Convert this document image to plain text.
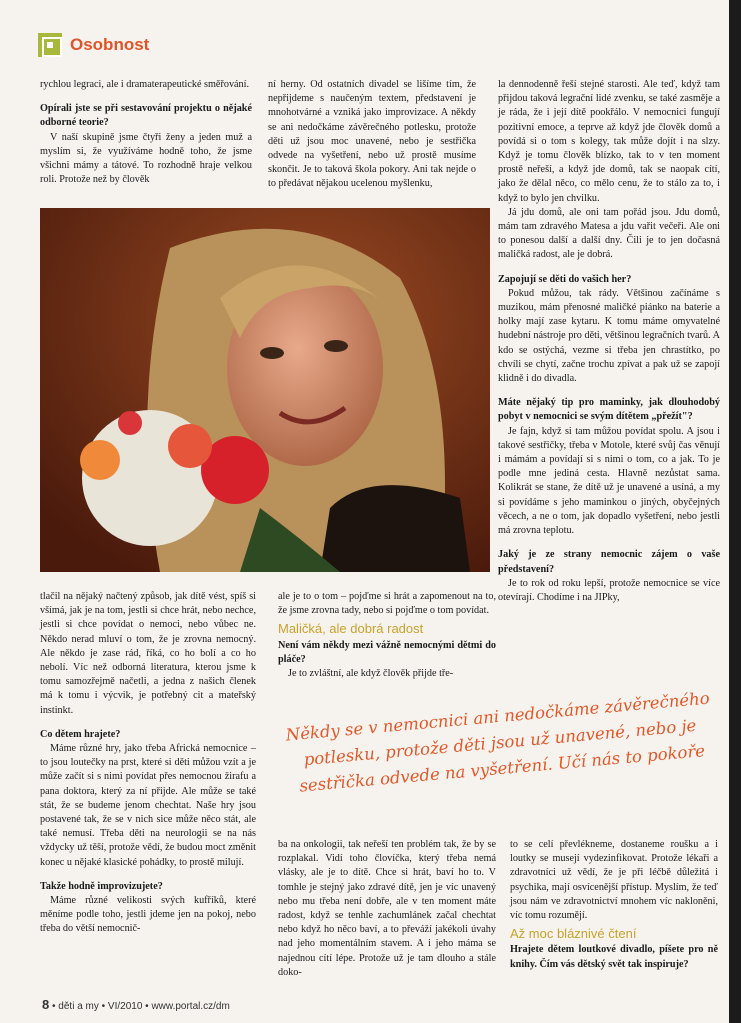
Osobnost

rychlou legraci, ale i dramaterapeutické směřování.

Opírali jste se při sestavování projektu o nějaké odborné teorie?

V naší skupině jsme čtyři ženy a jeden muž a myslím si, že využíváme hodně toho, že jsme všichni mámy a tátové. To rozhodně hraje velkou roli. Protože než by člověk

ní herny. Od ostatních divadel se lišíme tím, že nepřijdeme s naučeným textem, představení je mnohotvárné a vzniká jako improvizace. A někdy se ani nedočkáme závěrečného potlesku, protože děti už jsou moc unavené, nebo je sestřička odvede na vyšetření, nebo už prostě musíme skončit. Je to taková škola pokory. Ani tak nejde o to předávat nějakou ucelenou myšlenku,

la dennodenně řeší stejné starosti. Ale teď, když tam přijdou taková legrační lidé zvenku, se také zasměje a je ráda, že i její dítě pookřálo. V nemocnici fungují pozitivní emoce, a teprve až když jde člověk domů a povídá si o tom s kolegy, tak může dojít i na slzy. Když je tomu člověk blízko, tak to v ten moment prostě neřeší, a když jde domů, tak se naopak cítí, jako že dělal něco, co mělo cenu, že to stálo za to, i když to bylo jen chvilku.

Já jdu domů, ale oni tam pořád jsou. Jdu domů, mám tam zdravého Matesa a jdu vařit večeři. Ale oni to ponesou další a další dny. Čili je to jen dočasná maličká radost, ale je dobrá.

Zapojují se děti do vašich her?

Pokud můžou, tak rády. Většinou začínáme s muzikou, mám přenosné maličké piánko na baterie a holky mají zase kytaru. K tomu máme omyvatelné hudební nástroje pro děti, většinou legračních tvarů. A kdo se ostýchá, vezme si třeba jen chrastítko, po chvíli se chytí, začne trochu zpívat a pak už se zapojí klidně i do divadla.

Máte nějaký tip pro maminky, jak dlouhodobý pobyt v nemocnici se svým dítětem „přežít"?

Je fajn, když si tam můžou povídat spolu. A jsou i takové sestřičky, třeba v Motole, které svůj čas věnují i mámám a povídají si s nimi o tom, co a jak. To je podle mne jediná cesta. Hlavně nezůstat sama. Kolikrát se stane, že dítě už je unavené a usíná, a my si povídáme s jeho maminkou o jiných, obyčejných věcech, a ne o tom, jak dopadlo vyšetření, nebo jestli má zrovna teplotu.

Jaký je ze strany nemocnic zájem o vaše představení?

Je to rok od roku lepší, protože nemocnice se více otevírají. Chodíme i na JIPky,

tlačil na nějaký načtený způsob, jak dítě vést, spíš si všímá, jak je na tom, jestli si chce hrát, nebo nechce, jestli si chce povídat o nemoci, nebo vůbec ne. Někdo nerad mluví o tom, že je zrovna nemocný. Ale někdo je zase rád, říká, co ho bolí a co ho nebolí. Víc než odborná literatura, kterou jsme k tomu samozřejmě načetli, a jedna z našich členek má k tomu i výcvik, je potřebný cit a mateřský instinkt.

Co dětem hrajete?

Máme různé hry, jako třeba Africká nemocnice – to jsou loutečky na prst, které si děti můžou vzít a je může začít si s nimi povídat přes nemocnou žirafu a pana doktora, který za ní přijde. Ale může se také stát, že se budeme jenom chechtat. Naše hry jsou postavené tak, že se v nich sice může něco stát, ale také nemusí. Třeba děti na neurologii se na nás vždycky už těší, protože vědí, že budou moct změnit konec u nějaké klasické pohádky, to prostě milují.

Takže hodně improvizujete?

Máme různé velikosti svých kufříků, které měníme podle toho, jestli jdeme jen na pokoj, nebo třeba do větší nemocnič-

ale je to o tom – pojďme si hrát a zapomenout na to, že jsme zrovna tady, nebo si pojďme o tom povídat.

Maličká, ale dobrá radost

Není vám někdy mezi vážně nemocnými dětmi do pláče?

Je to zvláštní, ale když člověk přijde tře-

to se celí převlékneme, dostaneme roušku a i loutky se musejí vydezinfikovat. Protože lékaři a zdravotníci už vědí, že je při léčbě důležitá i psychika, mají osvícenější přístup. Myslím, že teď jsou nám ve zdravotnictví mnohem víc nakloněni, víc tomu rozumějí.

Až moc bláznivé čtení

Hrajete dětem loutkové divadlo, píšete pro ně knihy. Čím vás dětský svět tak inspiruje?

ba na onkologii, tak neřeší ten problém tak, že by se rozplakal. Vidí toho človíčka, který třeba nemá vlásky, ale je to dítě. Chce si hrát, baví ho to. V tomhle je stejný jako zdravé dítě, jen je víc unavený nebo mu třeba není dobře, ale v ten moment máte radost, když se tenhle zachumlánek začal chechtat nebo když ho něco baví, a to převáží jakékoli úvahy nad jeho momentálním stavem. A i jeho máma se najednou cítí lépe. Protože už je tam dlouho a stále doko-

Někdy se v nemocnici ani nedočkáme závěrečného potlesku, protože děti jsou už unavené, nebo je sestřička odvede na vyšetření. Učí nás to pokoře
8 • děti a my • VI/2010 • www.portal.cz/dm
